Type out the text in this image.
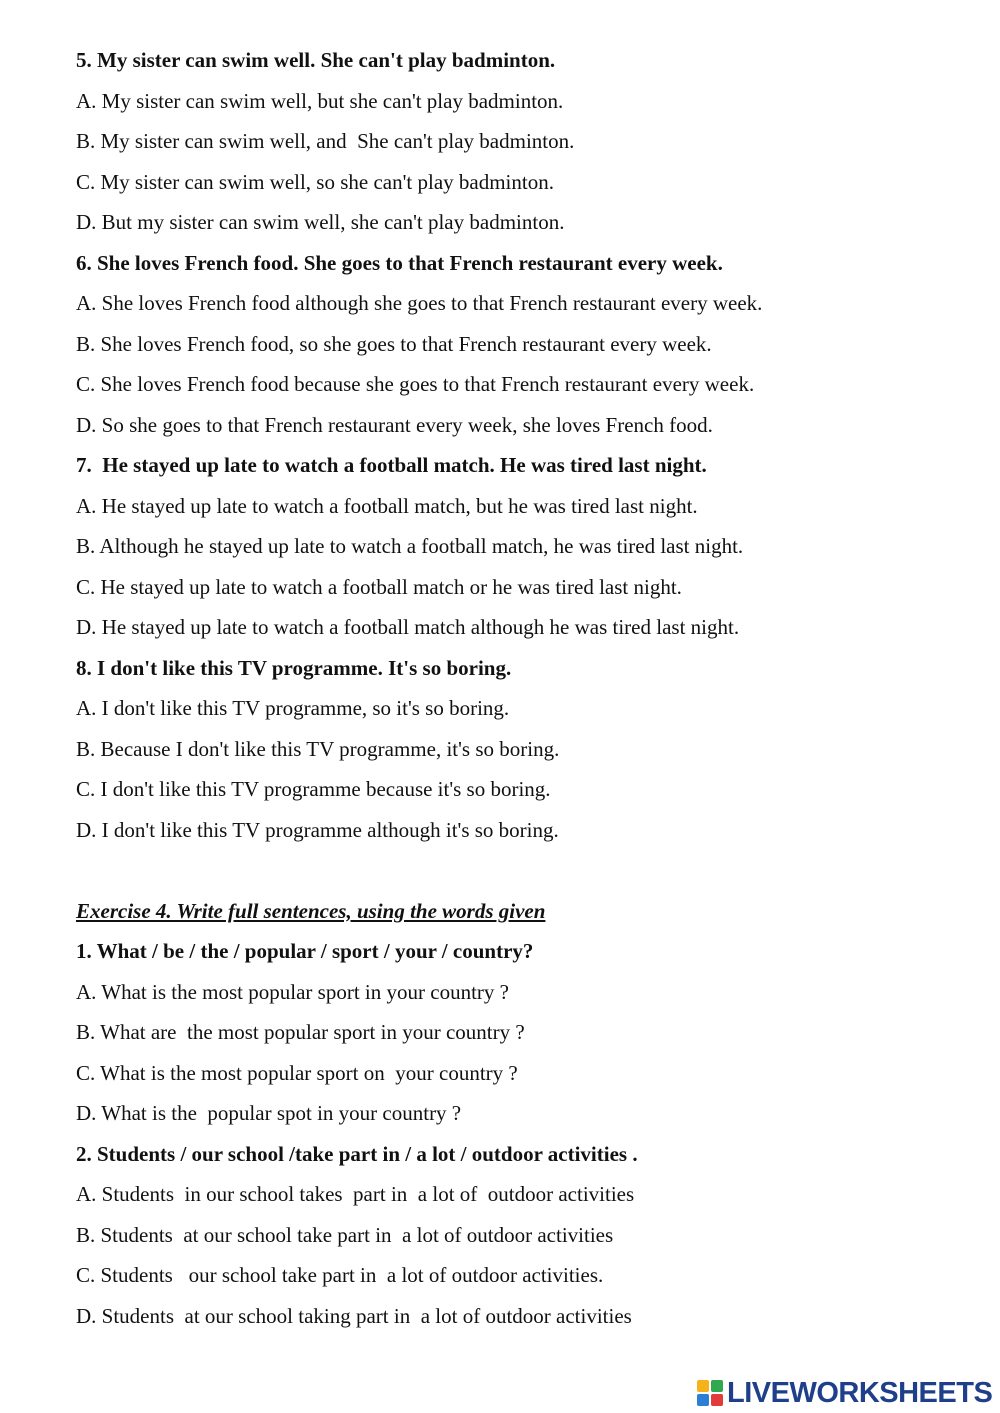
5. My sister can swim well. She can't play badminton.
A. My sister can swim well, but she can't play badminton.
B. My sister can swim well, and  She can't play badminton.
C. My sister can swim well, so she can't play badminton.
D. But my sister can swim well, she can't play badminton.
6. She loves French food. She goes to that French restaurant every week.
A. She loves French food although she goes to that French restaurant every week.
B. She loves French food, so she goes to that French restaurant every week.
C. She loves French food because she goes to that French restaurant every week.
D. So she goes to that French restaurant every week, she loves French food.
7.  He stayed up late to watch a football match. He was tired last night.
A. He stayed up late to watch a football match, but he was tired last night.
B. Although he stayed up late to watch a football match, he was tired last night.
C. He stayed up late to watch a football match or he was tired last night.
D. He stayed up late to watch a football match although he was tired last night.
8. I don't like this TV programme. It's so boring.
A. I don't like this TV programme, so it's so boring.
B. Because I don't like this TV programme, it's so boring.
C. I don't like this TV programme because it's so boring.
D. I don't like this TV programme although it's so boring.
Exercise 4. Write full sentences, using the words given
1. What / be / the / popular / sport / your / country?
A. What is the most popular sport in your country ?
B. What are  the most popular sport in your country ?
C. What is the most popular sport on  your country ?
D. What is the  popular spot in your country ?
2. Students / our school /take part in / a lot / outdoor activities .
A. Students  in our school takes  part in  a lot of  outdoor activities
B. Students  at our school take part in  a lot of outdoor activities
C. Students   our school take part in  a lot of outdoor activities.
D. Students  at our school taking part in  a lot of outdoor activities
LIVEWORKSHEETS
